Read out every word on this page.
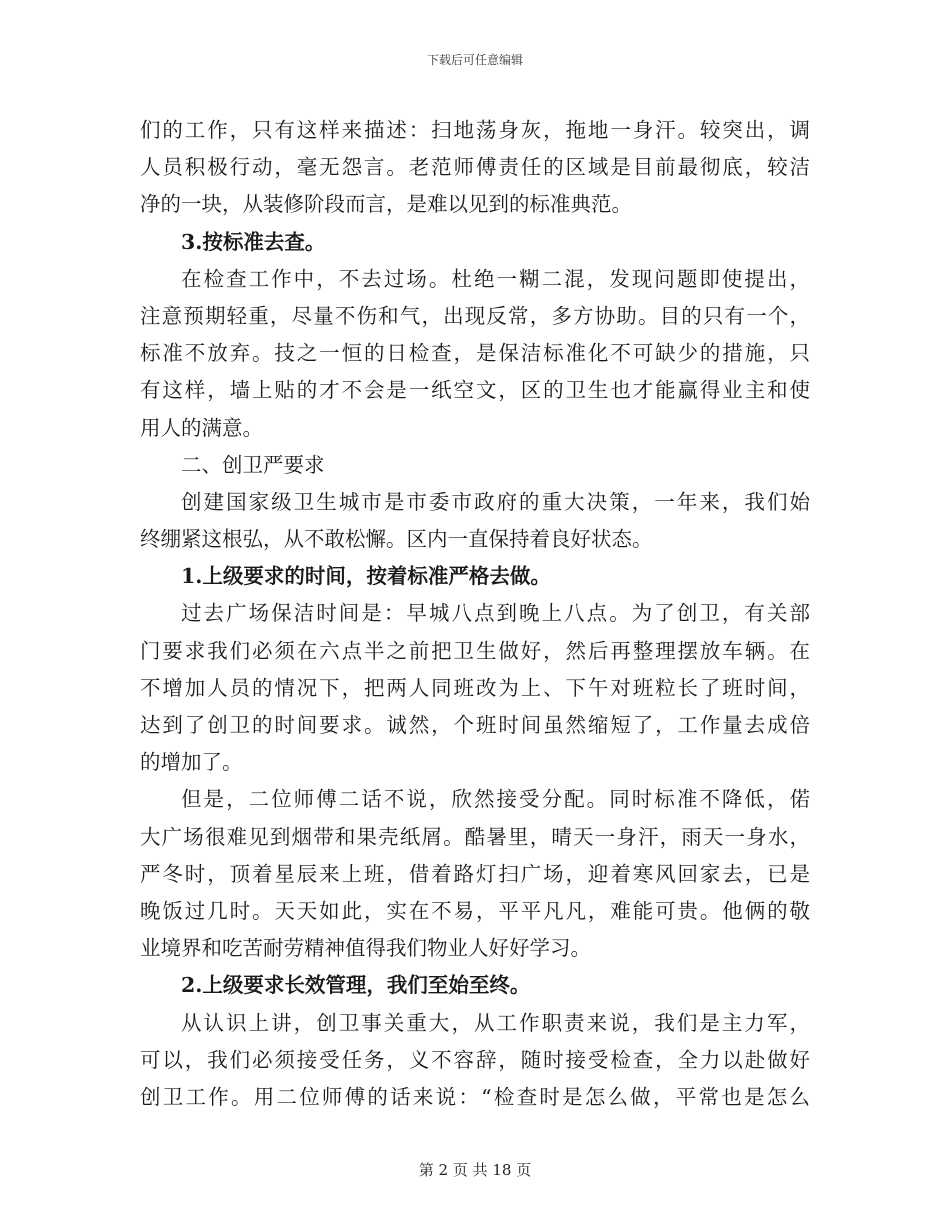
下载后可任意编辑
们的工作，只有这样来描述：扫地荡身灰，拖地一身汗。较突出，调
人员积极行动，毫无怨言。老范师傅责任的区域是目前最彻底，较洁
净的一块，从装修阶段而言，是难以见到的标准典范。
3.按标准去查。
在检查工作中，不去过场。杜绝一糊二混，发现问题即使提出，
注意预期轻重，尽量不伤和气，出现反常，多方协助。目的只有一个，
标准不放弃。技之一恒的日检查，是保洁标准化不可缺少的措施，只
有这样，墙上贴的才不会是一纸空文，区的卫生也才能赢得业主和使
用人的满意。
二、创卫严要求
创建国家级卫生城市是市委市政府的重大决策，一年来，我们始
终绷紧这根弘，从不敢松懈。区内一直保持着良好状态。
1.上级要求的时间，按着标准严格去做。
过去广场保洁时间是：早城八点到晚上八点。为了创卫，有关部
门要求我们必须在六点半之前把卫生做好，然后再整理摆放车辆。在
不增加人员的情况下，把两人同班改为上、下午对班粒长了班时间，
达到了创卫的时间要求。诚然，个班时间虽然缩短了，工作量去成倍
的增加了。
但是，二位师傅二话不说，欣然接受分配。同时标准不降低，偌
大广场很难见到烟带和果壳纸屑。酷暑里，晴天一身汗，雨天一身水，
严冬时，顶着星辰来上班，借着路灯扫广场，迎着寒风回家去，已是
晚饭过几时。天天如此，实在不易，平平凡凡，难能可贵。他俩的敬
业境界和吃苦耐劳精神值得我们物业人好好学习。
2.上级要求长效管理，我们至始至终。
从认识上讲，创卫事关重大，从工作职责来说，我们是主力军，
可以，我们必须接受任务，义不容辞，随时接受检查，全力以赴做好
创卫工作。用二位师傅的话来说：“检查时是怎么做，平常也是怎么
第 2 页 共 18 页
